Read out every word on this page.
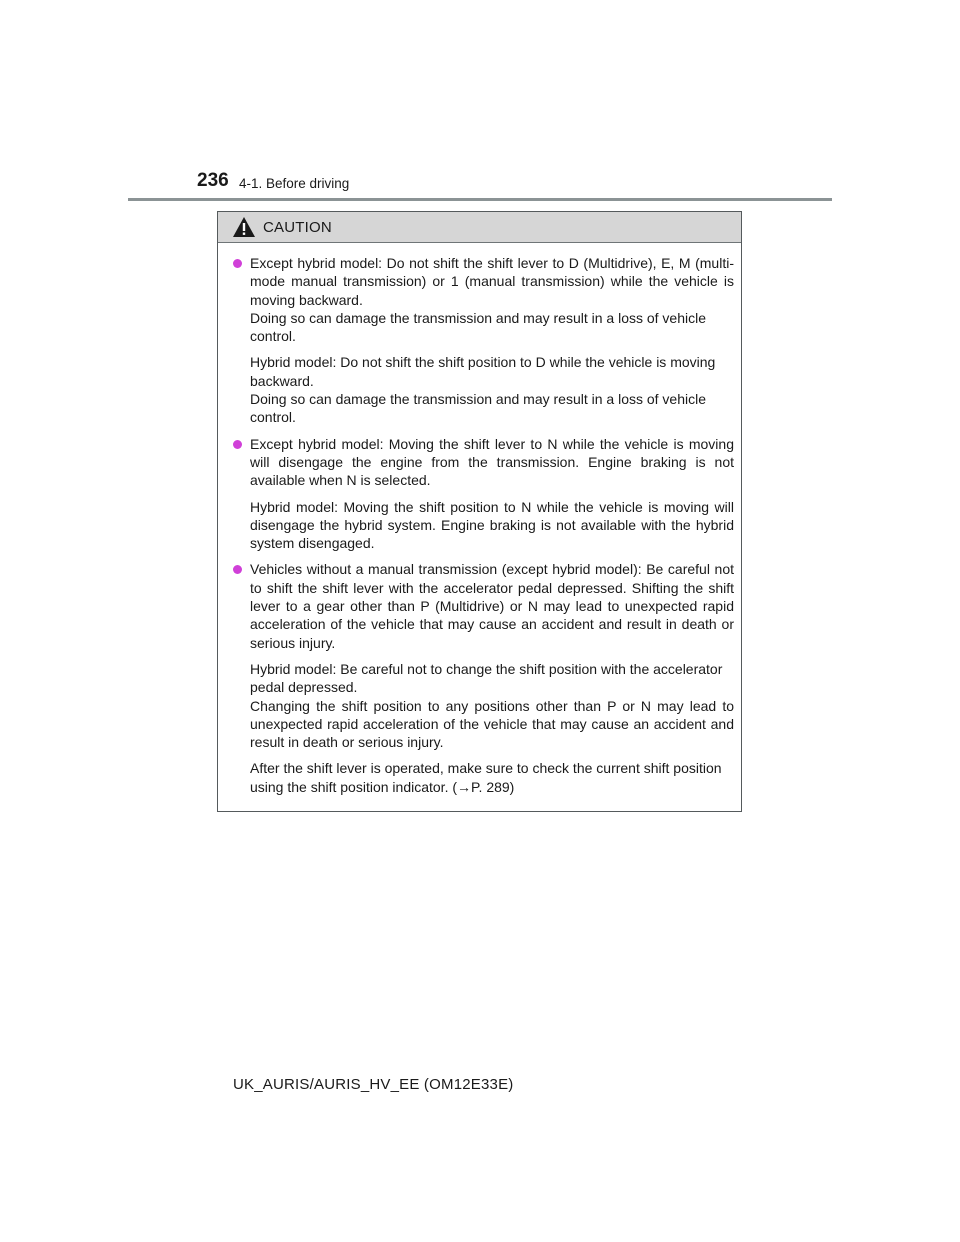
236 4-1. Before driving
CAUTION

Except hybrid model: Do not shift the shift lever to D (Multidrive), E, M (multi-mode manual transmission) or 1 (manual transmission) while the vehicle is moving backward.

Doing so can damage the transmission and may result in a loss of vehicle control.

Hybrid model: Do not shift the shift position to D while the vehicle is moving backward.

Doing so can damage the transmission and may result in a loss of vehicle control.

Except hybrid model: Moving the shift lever to N while the vehicle is moving will disengage the engine from the transmission. Engine braking is not available when N is selected.

Hybrid model: Moving the shift position to N while the vehicle is moving will disengage the hybrid system. Engine braking is not available with the hybrid system disengaged.

Vehicles without a manual transmission (except hybrid model): Be careful not to shift the shift lever with the accelerator pedal depressed. Shifting the shift lever to a gear other than P (Multidrive) or N may lead to unexpected rapid acceleration of the vehicle that may cause an accident and result in death or serious injury.

Hybrid model: Be careful not to change the shift position with the accelerator pedal depressed.

Changing the shift position to any positions other than P or N may lead to unexpected rapid acceleration of the vehicle that may cause an accident and result in death or serious injury.

After the shift lever is operated, make sure to check the current shift position using the shift position indicator. (→P. 289)

UK_AURIS/AURIS_HV_EE (OM12E33E)
